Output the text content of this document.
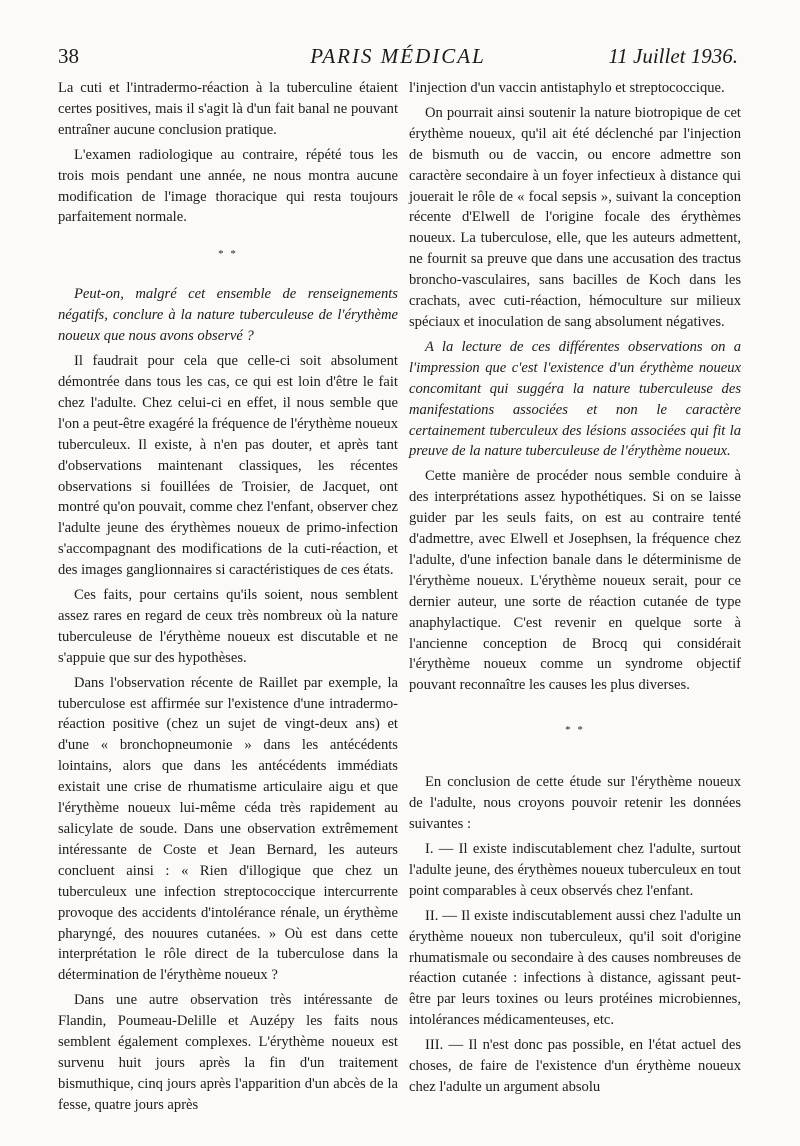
38	PARIS MÉDICAL	11 Juillet 1936.

La cuti et l'intradermo-réaction à la tuberculine étaient certes positives, mais il s'agit là d'un fait banal ne pouvant entraîner aucune conclusion pratique.

L'examen radiologique au contraire, répété tous les trois mois pendant une année, ne nous montra aucune modification de l'image thoracique qui resta toujours parfaitement normale.

* *

Peut-on, malgré cet ensemble de renseignements négatifs, conclure à la nature tuberculeuse de l'érythème noueux que nous avons observé ?

Il faudrait pour cela que celle-ci soit absolument démontrée dans tous les cas, ce qui est loin d'être le fait chez l'adulte. Chez celui-ci en effet, il nous semble que l'on a peut-être exagéré la fréquence de l'érythème noueux tuberculeux. Il existe, à n'en pas douter, et après tant d'observations maintenant classiques, les récentes observations si fouillées de Troisier, de Jacquet, ont montré qu'on pouvait, comme chez l'enfant, observer chez l'adulte jeune des érythèmes noueux de primo-infection s'accompagnant des modifications de la cuti-réaction, et des images ganglionnaires si caractéristiques de ces états.

Ces faits, pour certains qu'ils soient, nous semblent assez rares en regard de ceux très nombreux où la nature tuberculeuse de l'érythème noueux est discutable et ne s'appuie que sur des hypothèses.

Dans l'observation récente de Raillet par exemple, la tuberculose est affirmée sur l'existence d'une intradermo-réaction positive (chez un sujet de vingt-deux ans) et d'une « bronchopneumonie » dans les antécédents lointains, alors que dans les antécédents immédiats existait une crise de rhumatisme articulaire aigu et que l'érythème noueux lui-même céda très rapidement au salicylate de soude. Dans une observation extrêmement intéressante de Coste et Jean Bernard, les auteurs concluent ainsi : « Rien d'illogique que chez un tuberculeux une infection streptococcique intercurrente provoque des accidents d'intolérance rénale, un érythème pharyngé, des nouures cutanées. » Où est dans cette interprétation le rôle direct de la tuberculose dans la détermination de l'érythème noueux ?

Dans une autre observation très intéressante de Flandin, Poumeau-Delille et Auzépy les faits nous semblent également complexes. L'érythème noueux est survenu huit jours après la fin d'un traitement bismuthique, cinq jours après l'apparition d'un abcès de la fesse, quatre jours après

l'injection d'un vaccin antistaphylo et streptococcique.

On pourrait ainsi soutenir la nature biotropique de cet érythème noueux, qu'il ait été déclenché par l'injection de bismuth ou de vaccin, ou encore admettre son caractère secondaire à un foyer infectieux à distance qui jouerait le rôle de « focal sepsis », suivant la conception récente d'Elwell de l'origine focale des érythèmes noueux. La tuberculose, elle, que les auteurs admettent, ne fournit sa preuve que dans une accusation des tractus broncho-vasculaires, sans bacilles de Koch dans les crachats, avec cuti-réaction, hémoculture sur milieux spéciaux et inoculation de sang absolument négatives.

A la lecture de ces différentes observations on a l'impression que c'est l'existence d'un érythème noueux concomitant qui suggéra la nature tuberculeuse des manifestations associées et non le caractère certainement tuberculeux des lésions associées qui fit la preuve de la nature tuberculeuse de l'érythème noueux.

Cette manière de procéder nous semble conduire à des interprétations assez hypothétiques. Si on se laisse guider par les seuls faits, on est au contraire tenté d'admettre, avec Elwell et Josephsen, la fréquence chez l'adulte, d'une infection banale dans le déterminisme de l'érythème noueux. L'érythème noueux serait, pour ce dernier auteur, une sorte de réaction cutanée de type anaphylactique. C'est revenir en quelque sorte à l'ancienne conception de Brocq qui considérait l'érythème noueux comme un syndrome objectif pouvant reconnaître les causes les plus diverses.

* *

En conclusion de cette étude sur l'érythème noueux de l'adulte, nous croyons pouvoir retenir les données suivantes :

I. — Il existe indiscutablement chez l'adulte, surtout l'adulte jeune, des érythèmes noueux tuberculeux en tout point comparables à ceux observés chez l'enfant.

II. — Il existe indiscutablement aussi chez l'adulte un érythème noueux non tuberculeux, qu'il soit d'origine rhumatismale ou secondaire à des causes nombreuses de réaction cutanée : infections à distance, agissant peut-être par leurs toxines ou leurs protéines microbiennes, intolérances médicamenteuses, etc.

III. — Il n'est donc pas possible, en l'état actuel des choses, de faire de l'existence d'un érythème noueux chez l'adulte un argument absolu
